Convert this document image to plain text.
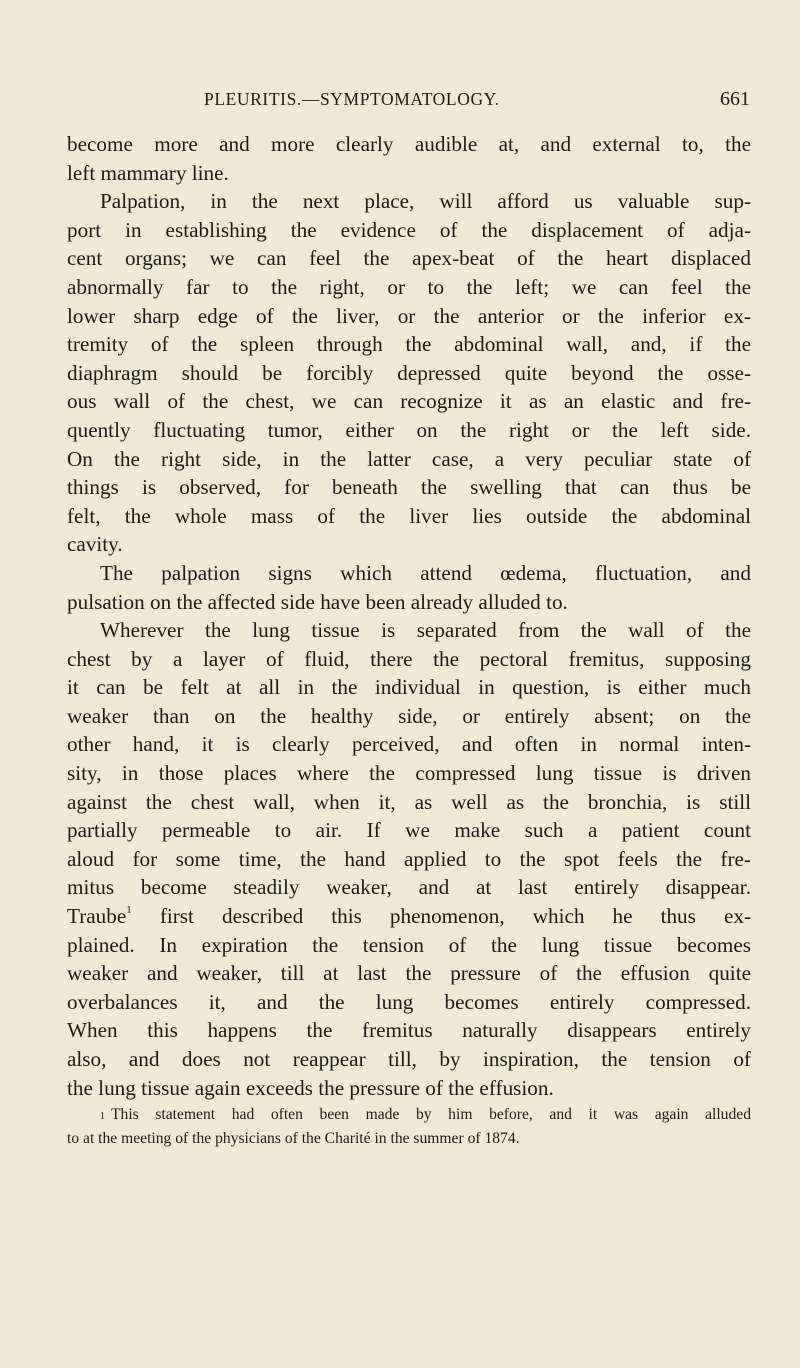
PLEURITIS.—SYMPTOMATOLOGY.	661
become more and more clearly audible at, and external to, the
left mammary line.
Palpation, in the next place, will afford us valuable sup-
port in establishing the evidence of the displacement of adja-
cent organs; we can feel the apex-beat of the heart displaced
abnormally far to the right, or to the left; we can feel the
lower sharp edge of the liver, or the anterior or the inferior ex-
tremity of the spleen through the abdominal wall, and, if the
diaphragm should be forcibly depressed quite beyond the osse-
ous wall of the chest, we can recognize it as an elastic and fre-
quently fluctuating tumor, either on the right or the left side.
On the right side, in the latter case, a very peculiar state of
things is observed, for beneath the swelling that can thus be
felt, the whole mass of the liver lies outside the abdominal
cavity.
The palpation signs which attend œdema, fluctuation, and
pulsation on the affected side have been already alluded to.
Wherever the lung tissue is separated from the wall of the
chest by a layer of fluid, there the pectoral fremitus, supposing
it can be felt at all in the individual in question, is either much
weaker than on the healthy side, or entirely absent; on the
other hand, it is clearly perceived, and often in normal inten-
sity, in those places where the compressed lung tissue is driven
against the chest wall, when it, as well as the bronchia, is still
partially permeable to air. If we make such a patient count
aloud for some time, the hand applied to the spot feels the fre-
mitus become steadily weaker, and at last entirely disappear.
Traube$^1$ first described this phenomenon, which he thus ex-
plained. In expiration the tension of the lung tissue becomes
weaker and weaker, till at last the pressure of the effusion quite
overbalances it, and the lung becomes entirely compressed.
When this happens the fremitus naturally disappears entirely
also, and does not reappear till, by inspiration, the tension of
the lung tissue again exceeds the pressure of the effusion.
$^1$ This statement had often been made by him before, and it was again alluded
to at the meeting of the physicians of the Charité in the summer of 1874.
